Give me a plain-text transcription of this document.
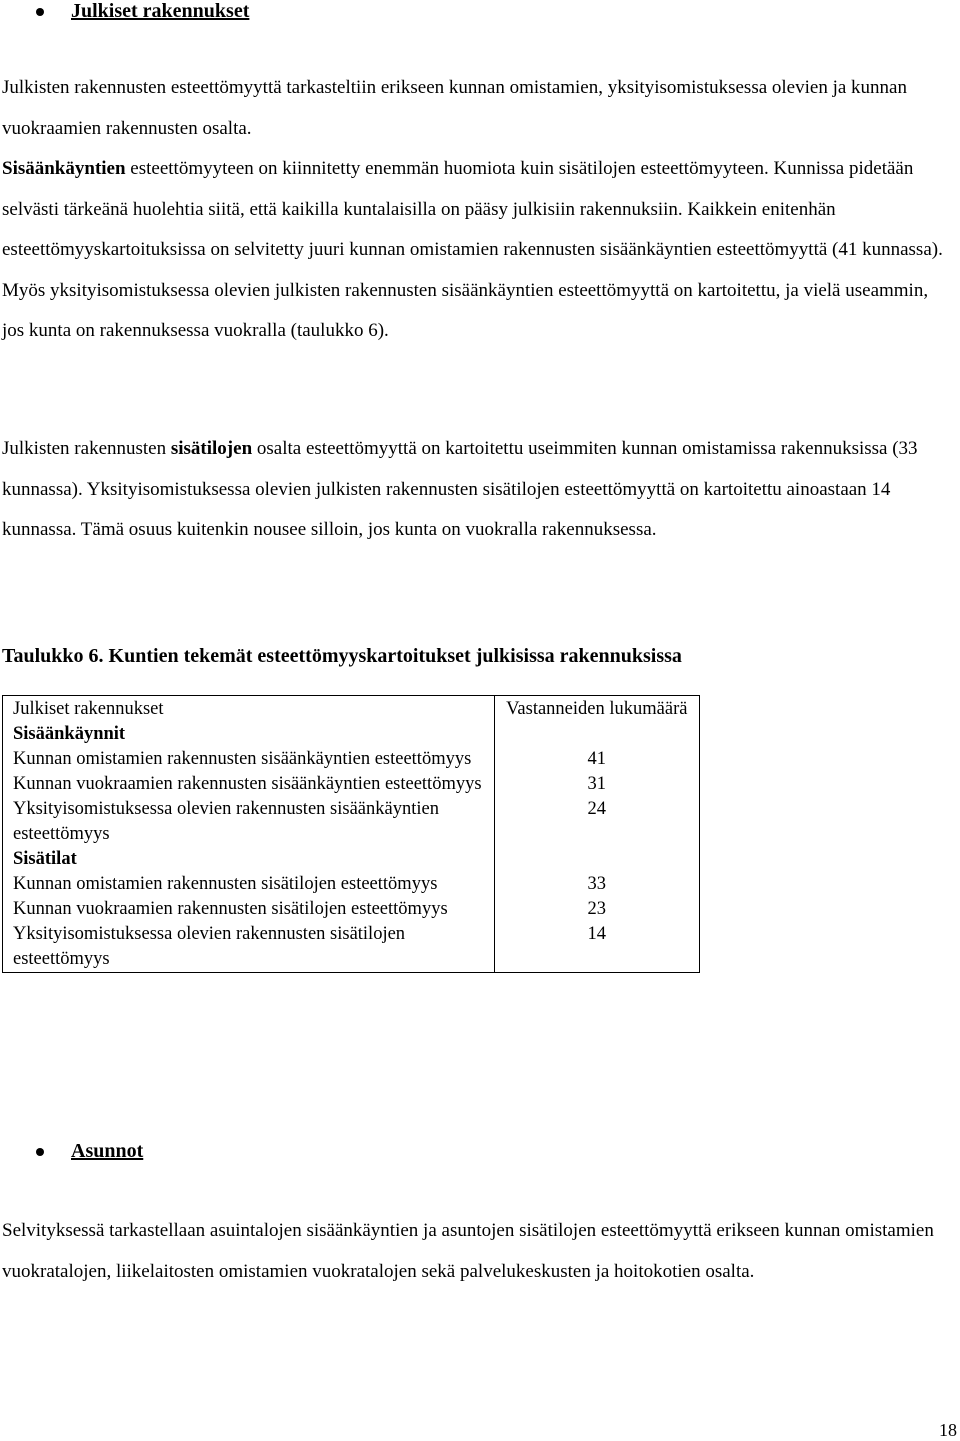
Julkiset rakennukset

Julkisten rakennusten esteettömyyttä tarkasteltiin erikseen kunnan omistamien, yksityisomistuksessa olevien ja kunnan vuokraamien rakennusten osalta.
Sisäänkäyntien esteettömyyteen on kiinnitetty enemmän huomiota kuin sisätilojen esteettömyyteen. Kunnissa pidetään selvästi tärkeänä huolehtia siitä, että kaikilla kuntalaisilla on pääsy julkisiin rakennuksiin. Kaikkein enitenhän esteettömyyskartoituksissa on selvitetty juuri kunnan omistamien rakennusten sisäänkäyntien esteettömyyttä (41 kunnassa). Myös yksityisomistuksessa olevien julkisten rakennusten sisäänkäyntien esteettömyyttä on kartoitettu, ja vielä useammin, jos kunta on rakennuksessa vuokralla (taulukko 6).

Julkisten rakennusten sisätilojen osalta esteettömyyttä on kartoitettu useimmiten kunnan omistamissa rakennuksissa (33 kunnassa). Yksityisomistuksessa olevien julkisten rakennusten sisätilojen esteettömyyttä on kartoitettu ainoastaan 14 kunnassa. Tämä osuus kuitenkin nousee silloin, jos kunta on vuokralla rakennuksessa.

Taulukko 6. Kuntien tekemät esteettömyyskartoitukset julkisissa rakennuksissa
Julkiset rakennukset	Vastanneiden lukumäärä
Sisäänkäynnit	
Kunnan omistamien rakennusten sisäänkäyntien esteettömyys	41
Kunnan vuokraamien rakennusten sisäänkäyntien esteettömyys	31
Yksityisomistuksessa olevien rakennusten sisäänkäyntien esteettömyys	24
Sisätilat	
Kunnan omistamien rakennusten sisätilojen esteettömyys	33
Kunnan vuokraamien rakennusten sisätilojen esteettömyys	23
Yksityisomistuksessa olevien rakennusten sisätilojen esteettömyys	14
Asunnot

Selvityksessä tarkastellaan asuintalojen sisäänkäyntien ja asuntojen sisätilojen esteettömyyttä erikseen kunnan omistamien vuokratalojen, liikelaitosten omistamien vuokratalojen sekä palvelukeskusten ja hoitokotien osalta.

18
